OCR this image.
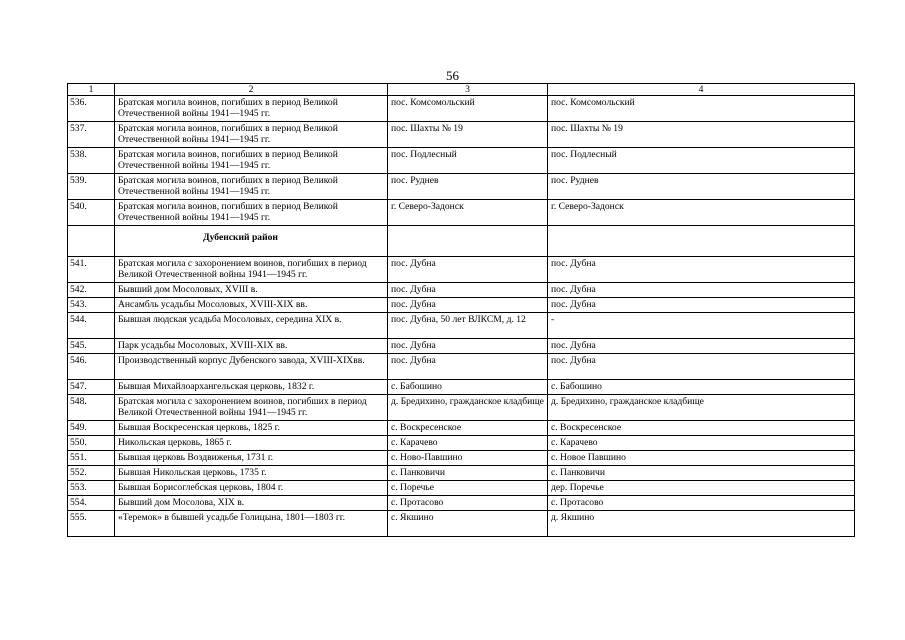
56
1	2	3	4
536.	Братская могила воинов, погибших в период Великой Отечественной войны 1941—1945 гг.	пос. Комсомольский	пос. Комсомольский
537.	Братская могила воинов, погибших в период Великой Отечественной войны 1941—1945 гг.	пос. Шахты № 19	пос. Шахты № 19
538.	Братская могила воинов, погибших в период Великой Отечественной войны 1941—1945 гг.	пос. Подлесный	пос. Подлесный
539.	Братская могила воинов, погибших в период Великой Отечественной войны 1941—1945 гг.	пос. Руднев	пос. Руднев
540.	Братская могила воинов, погибших в период Великой Отечественной войны 1941—1945 гг.	г. Северо-Задонск	г. Северо-Задонск
	Дубенский район		
541.	Братская могила с захоронением воинов, погибших в период Великой Отечественной войны 1941—1945 гг.	пос. Дубна	пос. Дубна
542.	Бывший дом Мосоловых, XVIII в.	пос. Дубна	пос. Дубна
543.	Ансамбль усадьбы Мосоловых, XVIII-XIX вв.	пос. Дубна	пос. Дубна
544.	Бывшая людская усадьба Мосоловых, середина XIX в.	пос. Дубна, 50 лет ВЛКСМ, д. 12	-
545.	Парк усадьбы Мосоловых, XVIII-XIX вв.	пос. Дубна	пос. Дубна
546.	Производственный корпус Дубенского завода, XVIII-XIXвв.	пос. Дубна	пос. Дубна
547.	Бывшая Михайлоархангельская церковь, 1832 г.	с. Бабошино	с. Бабошино
548.	Братская могила с захоронением воинов, погибших в период Великой Отечественной войны 1941—1945 гг.	д. Бредихино, гражданское кладбище	д. Бредихино, гражданское кладбище
549.	Бывшая Воскресенская церковь, 1825 г.	с. Воскресенское	с. Воскресенское
550.	Никольская церковь, 1865 г.	с. Карачево	с. Карачево
551.	Бывшая церковь Воздвиженья, 1731 г.	с. Ново-Павшино	с. Новое Павшино
552.	Бывшая Никольская церковь, 1735 г.	с. Панковичи	с. Панковичи
553.	Бывшая Борисоглебская церковь, 1804 г.	с. Поречье	дер. Поречье
554.	Бывший дом Мосолова, XIX в.	с. Протасово	с. Протасово
555.	«Теремок» в бывшей усадьбе Голицына, 1801—1803 гг.	с. Якшино	д. Якшино
